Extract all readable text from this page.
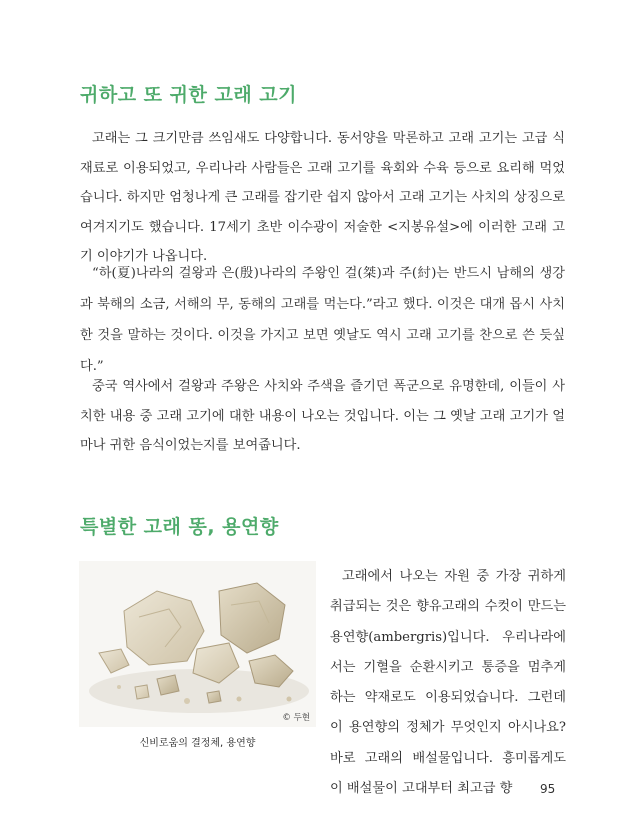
귀하고 또 귀한 고래 고기

고래는 그 크기만큼 쓰임새도 다양합니다. 동서양을 막론하고 고래 고기는 고급 식재료로 이용되었고, 우리나라 사람들은 고래 고기를 육회와 수육 등으로 요리해 먹었습니다. 하지만 엄청나게 큰 고래를 잡기란 쉽지 않아서 고래 고기는 사치의 상징으로 여겨지기도 했습니다. 17세기 초반 이수광이 저술한 <지봉유설>에 이러한 고래 고기 이야기가 나옵니다.

“하(夏)나라의 걸왕과 은(殷)나라의 주왕인 걸(桀)과 주(紂)는 반드시 남해의 생강과 북해의 소금, 서해의 무, 동해의 고래를 먹는다.”라고 했다. 이것은 대개 몹시 사치한 것을 말하는 것이다. 이것을 가지고 보면 옛날도 역시 고래 고기를 찬으로 쓴 듯싶다.”

중국 역사에서 걸왕과 주왕은 사치와 주색을 즐기던 폭군으로 유명한데, 이들이 사치한 내용 중 고래 고기에 대한 내용이 나오는 것입니다. 이는 그 옛날 고래 고기가 얼마나 귀한 음식이었는지를 보여줍니다.

특별한 고래 똥, 용연향
© 두현
신비로움의 결정체, 용연향

고래에서 나오는 자원 중 가장 귀하게 취급되는 것은 향유고래의 수컷이 만드는 용연향(ambergris)입니다. 우리나라에서는 기혈을 순환시키고 통증을 멈추게 하는 약재로도 이용되었습니다. 그런데 이 용연향의 정체가 무엇인지 아시나요? 바로 고래의 배설물입니다. 흥미롭게도 이 배설물이 고대부터 최고급 향	95
